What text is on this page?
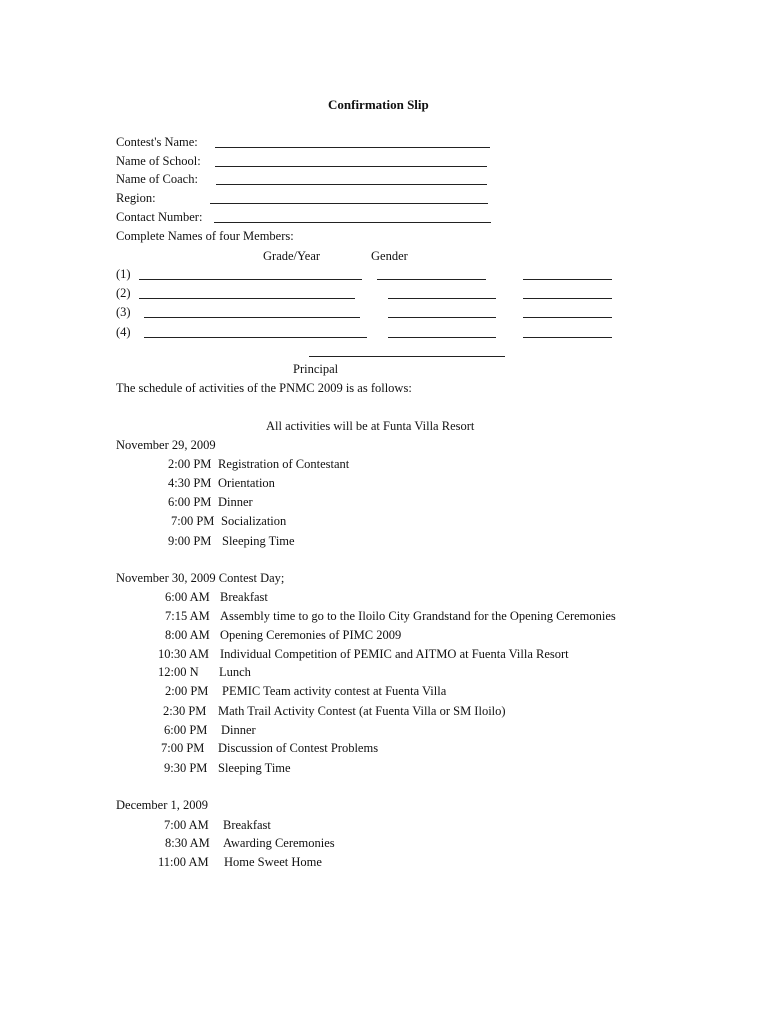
Confirmation Slip
Contest's Name:
Name of School:
Name of Coach:
Region:
Contact Number:
Complete Names of four Members:
Grade/Year	Gender
(1)
(2)
(3)
(4)
Principal
The schedule of activities of the PNMC 2009 is as follows:
All activities will be at Funta Villa Resort
November 29, 2009
2:00 PM Registration of Contestant
4:30 PM Orientation
6:00 PM Dinner
7:00 PM Socialization
9:00 PM Sleeping Time
November 30, 2009 Contest Day;
6:00 AM Breakfast
7:15 AM Assembly time to go to the Iloilo City Grandstand for the Opening Ceremonies
8:00 AM Opening Ceremonies of PIMC 2009
10:30 AM Individual Competition of PEMIC and AITMO at Fuenta Villa Resort
12:00 N Lunch
2:00 PM PEMIC Team activity contest at Fuenta Villa
2:30 PM Math Trail Activity Contest (at Fuenta Villa or SM Iloilo)
6:00 PM Dinner
7:00 PM Discussion of Contest Problems
9:30 PM Sleeping Time
December 1, 2009
7:00 AM Breakfast
8:30 AM Awarding Ceremonies
11:00 AM Home Sweet Home
